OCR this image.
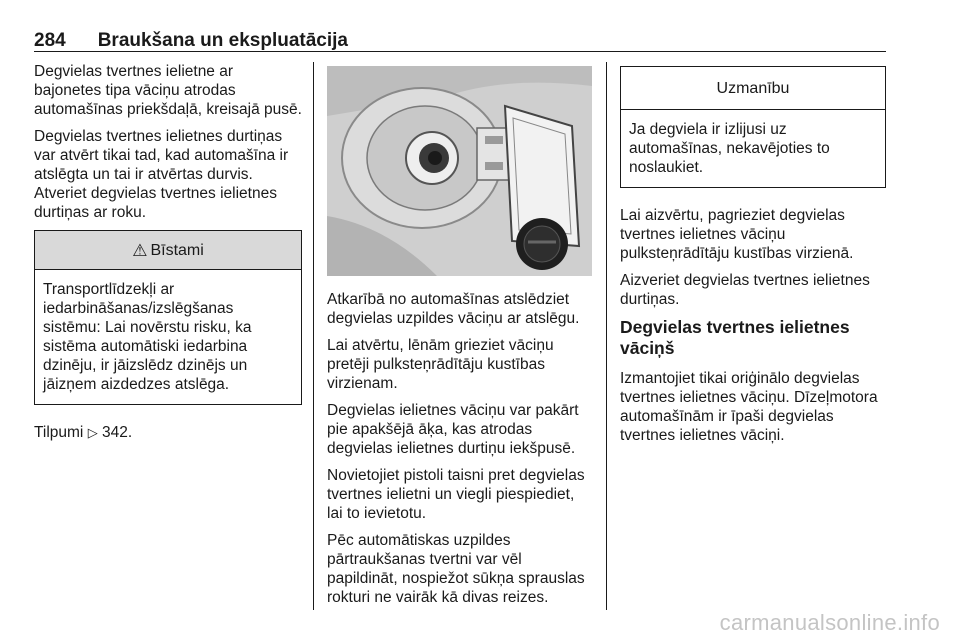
284 Braukšana un ekspluatācija

Degvielas tvertnes ielietne ar bajonetes tipa vāciņu atrodas automašīnas priekšdaļā, kreisajā pusē.

Degvielas tvertnes ielietnes durtiņas var atvērt tikai tad, kad automašīna ir atslēgta un tai ir atvērtas durvis. Atveriet degvielas tvertnes ielietnes durtiņas ar roku.

⚠ Bīstami
Transportlīdzekļi ar iedarbināšanas/izslēgšanas sistēmu: Lai novērstu risku, ka sistēma automātiski iedarbina dzinēju, ir jāizslēdz dzinējs un jāizņem aizdedzes atslēga.

Tilpumi ▷ 342.

Atkarībā no automašīnas atslēdziet degvielas uzpildes vāciņu ar atslēgu.

Lai atvērtu, lēnām grieziet vāciņu pretēji pulksteņrādītāju kustības virzienam.

Degvielas ielietnes vāciņu var pakārt pie apakšējā āķa, kas atrodas degvielas ielietnes durtiņu iekšpusē.

Novietojiet pistoli taisni pret degvielas tvertnes ielietni un viegli piespiediet, lai to ievietotu.

Pēc automātiskas uzpildes pārtraukšanas tvertni var vēl papildināt, nospiežot sūkņa sprauslas rokturi ne vairāk kā divas reizes.

Uzmanību
Ja degviela ir izlijusi uz automašīnas, nekavējoties to noslaukiet.

Lai aizvērtu, pagrieziet degvielas tvertnes ielietnes vāciņu pulksteņrādītāju kustības virzienā.

Aizveriet degvielas tvertnes ielietnes durtiņas.

Degvielas tvertnes ielietnes vāciņš

Izmantojiet tikai oriģinālo degvielas tvertnes ielietnes vāciņu. Dīzeļmotora automašīnām ir īpaši degvielas tvertnes ielietnes vāciņi.

carmanualsonline.info
